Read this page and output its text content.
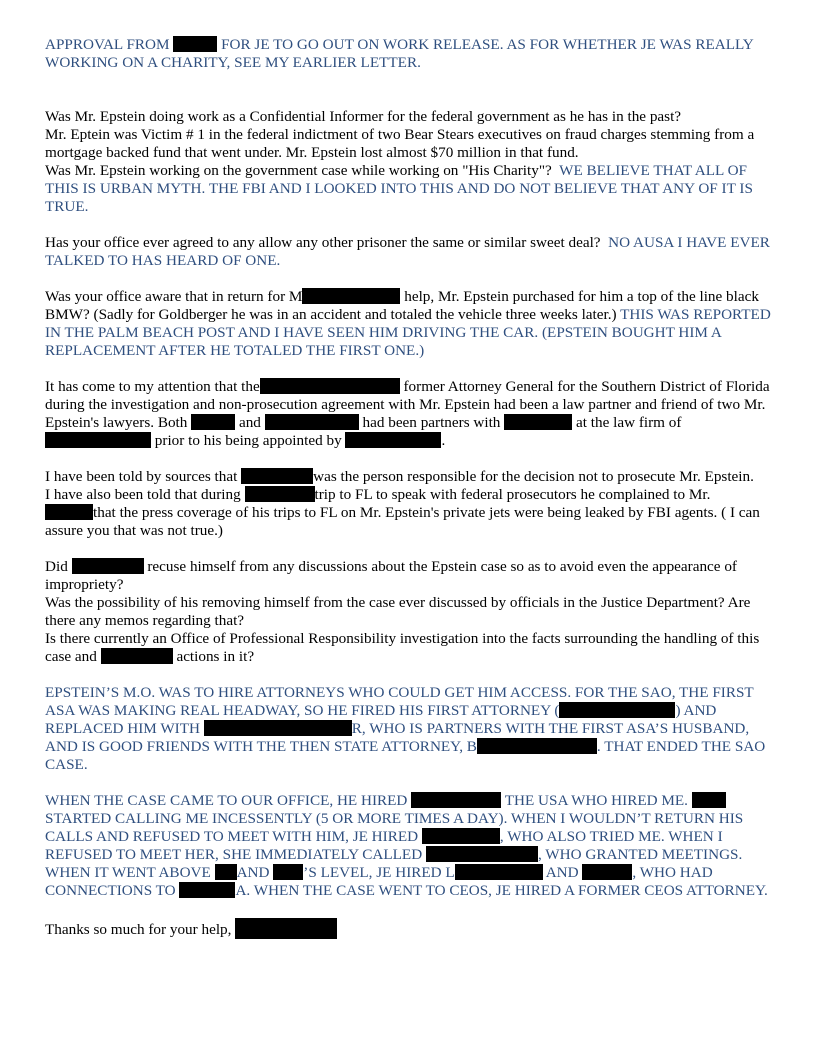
APPROVAL FROM	FOR JE TO GO OUT ON WORK RELEASE. AS FOR WHETHER JE WAS REALLY WORKING ON A CHARITY, SEE MY EARLIER LETTER.

Was Mr. Epstein doing work as a Confidential Informer for the federal government as he has in the past?
Mr. Eptein was Victim # 1 in the federal indictment of two Bear Stears executives on fraud charges stemming from a mortgage backed fund that went under. Mr. Epstein lost almost $70 million in that fund.
Was Mr. Epstein working on the government case while working on "His Charity"? WE BELIEVE THAT ALL OF THIS IS URBAN MYTH. THE FBI AND I LOOKED INTO THIS AND DO NOT BELIEVE THAT ANY OF IT IS TRUE.

Has your office ever agreed to any allow any other prisoner the same or similar sweet deal? NO AUSA I HAVE EVER TALKED TO HAS HEARD OF ONE.

Was your office aware that in return for M	help, Mr. Epstein purchased for him a top of the line black BMW? (Sadly for Goldberger he was in an accident and totaled the vehicle three weeks later.) THIS WAS REPORTED IN THE PALM BEACH POST AND I HAVE SEEN HIM DRIVING THE CAR. (EPSTEIN BOUGHT HIM A REPLACEMENT AFTER HE TOTALED THE FIRST ONE.)

It has come to my attention that the	former Attorney General for the Southern District of Florida during the investigation and non-prosecution agreement with Mr. Epstein had been a law partner and friend of two Mr. Epstein's lawyers. Both	and	had been partners with	at the law firm of  prior to his being appointed by	.

I have been told by sources that	was the person responsible for the decision not to prosecute Mr. Epstein.
I have also been told that during	trip to FL to speak with federal prosecutors he complained to Mr.
that the press coverage of his trips to FL on Mr. Epstein's private jets were being leaked by FBI agents. ( I can assure you that was not true.)

Did	recuse himself from any discussions about the Epstein case so as to avoid even the appearance of impropriety?
Was the possibility of his removing himself from the case ever discussed by officials in the Justice Department? Are there any memos regarding that?
Is there currently an Office of Professional Responsibility investigation into the facts surrounding the handling of this case and	actions in it?

EPSTEIN’S M.O. WAS TO HIRE ATTORNEYS WHO COULD GET HIM ACCESS. FOR THE SAO, THE FIRST ASA WAS MAKING REAL HEADWAY, SO HE FIRED HIS FIRST ATTORNEY (	) AND REPLACED HIM WITH	R, WHO IS PARTNERS WITH THE FIRST ASA’S HUSBAND, AND IS GOOD FRIENDS WITH THE THEN STATE ATTORNEY, B	. THAT ENDED THE SAO CASE.

WHEN THE CASE CAME TO OUR OFFICE, HE HIRED	THE USA WHO HIRED ME.  STARTED CALLING ME INCESSENTLY (5 OR MORE TIMES A DAY). WHEN I WOULDN’T RETURN HIS CALLS AND REFUSED TO MEET WITH HIM, JE HIRED	, WHO ALSO TRIED ME. WHEN I REFUSED TO MEET HER, SHE IMMEDIATELY CALLED	, WHO GRANTED MEETINGS. WHEN IT WENT ABOVE AND ’S LEVEL, JE HIRED L	AND	, WHO HAD CONNECTIONS TO	A. WHEN THE CASE WENT TO CEOS, JE HIRED A FORMER CEOS ATTORNEY.

Thanks so much for your help,
